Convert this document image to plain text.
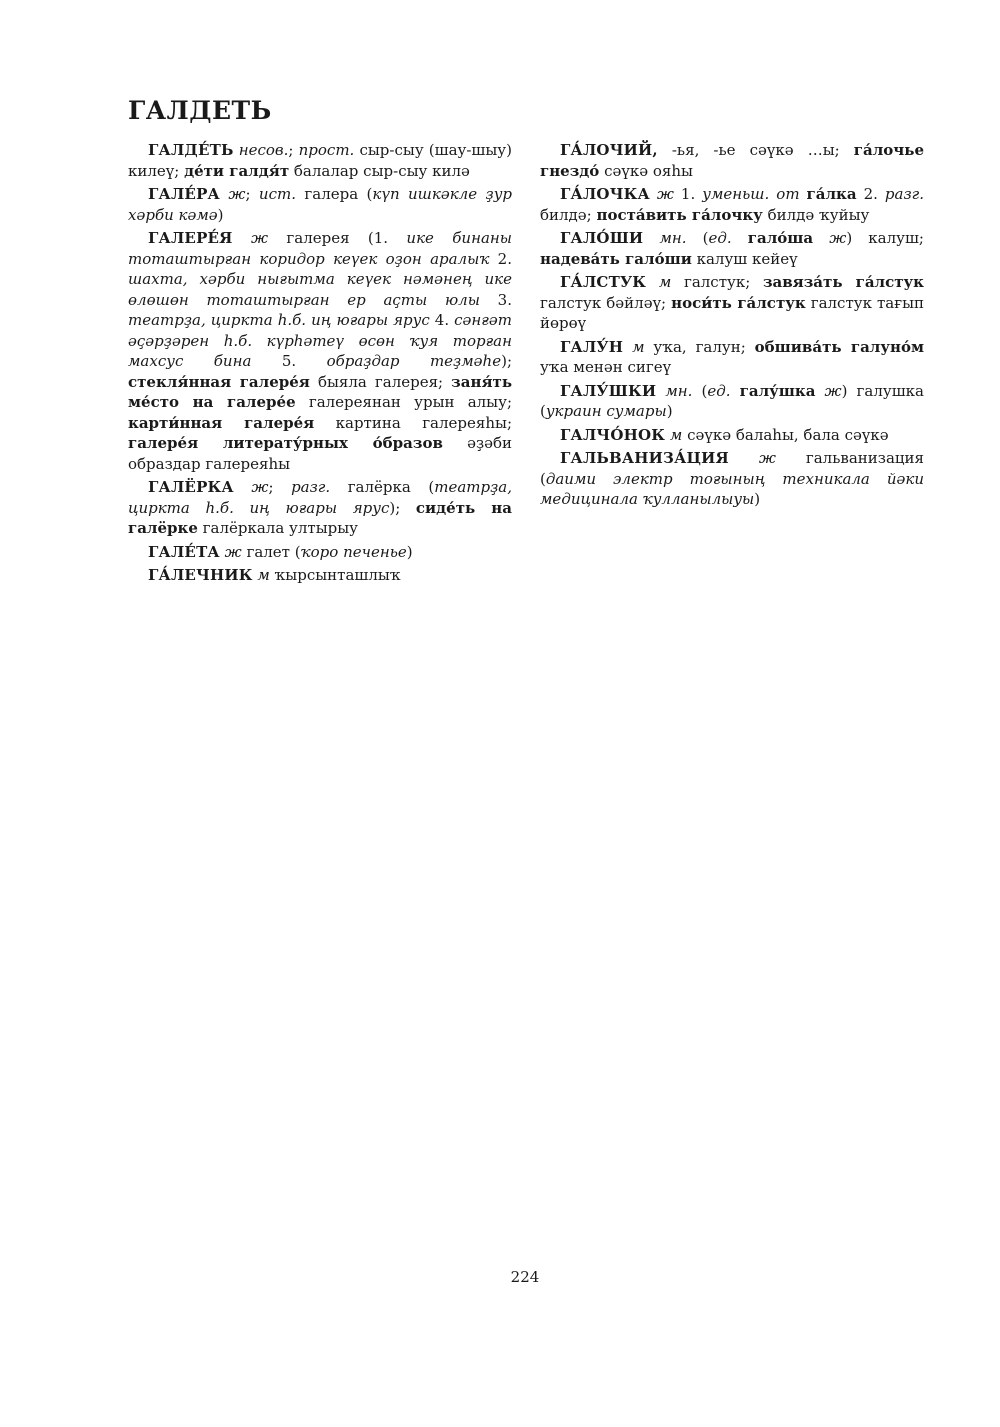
ГАЛДЕТЬ

ГАЛДЕ́ТЬ несов.; прост. сыр-сыу (шау-шыу) килеү; де́ти галдя́т балалар сыр-сыу килә

ГАЛЕ́РА ж; ист. галера (күп ишкәкле ҙур хәрби кәмә)

ГАЛЕРЕ́Я ж галерея (1. ике бинаны тоташтырған коридор кеүек оҙон аралыҡ 2. шахта, хәрби нығытма кеүек нәмәнең ике өлөшөн тоташтырған ер аҫты юлы 3. театрҙа, цирктa һ.б. иң юғары ярус 4. сәнғәт әҫәрҙәрен һ.б. күрһәтеү өсөн ҡуя торған махсус бина 5. обраҙдар теҙмәһе); стекля́нная галере́я быяла галерея; заня́ть ме́сто на галере́е галереянан урын алыу; карти́нная галере́я картина галереяһы; галере́я литерату́рных о́бразов әҙәби образдар галереяһы

ГАЛЁРКА ж; разг. галёрка (театрҙа, циркта һ.б. иң юғары ярус); сиде́ть на галёрке галёркала ултырыу

ГАЛЕ́ТА ж галет (ҡоро печенье)

ГА́ЛЕЧНИК м ҡырсынташлыҡ

ГА́ЛОЧИЙ, -ья, -ье сәүкә …ы; га́лочье гнездо́ сәүкә ояһы

ГА́ЛОЧКА ж 1. уменьш. от га́лка 2. разг. билдә; поста́вить га́лочку билдә ҡуйыу

ГАЛО́ШИ мн. (ед. гало́ша ж) калуш; надева́ть гало́ши калуш кейеү

ГА́ЛСТУК м галстук; завяза́ть га́лстук галстук бәйләү; носи́ть га́лстук галстук тағып йөрөү

ГАЛУ́Н м уҡа, галун; обшива́ть галуно́м уҡа менән сигеү

ГАЛУ́ШКИ мн. (ед. галу́шка ж) галушка (украин сумары)

ГАЛЧО́НОК м сәүкә балаһы, бала сәүкә

ГАЛЬВАНИЗА́ЦИЯ ж гальванизация (даими электр тоғының техникала йәки медицинала ҡулланылыуы)

224
